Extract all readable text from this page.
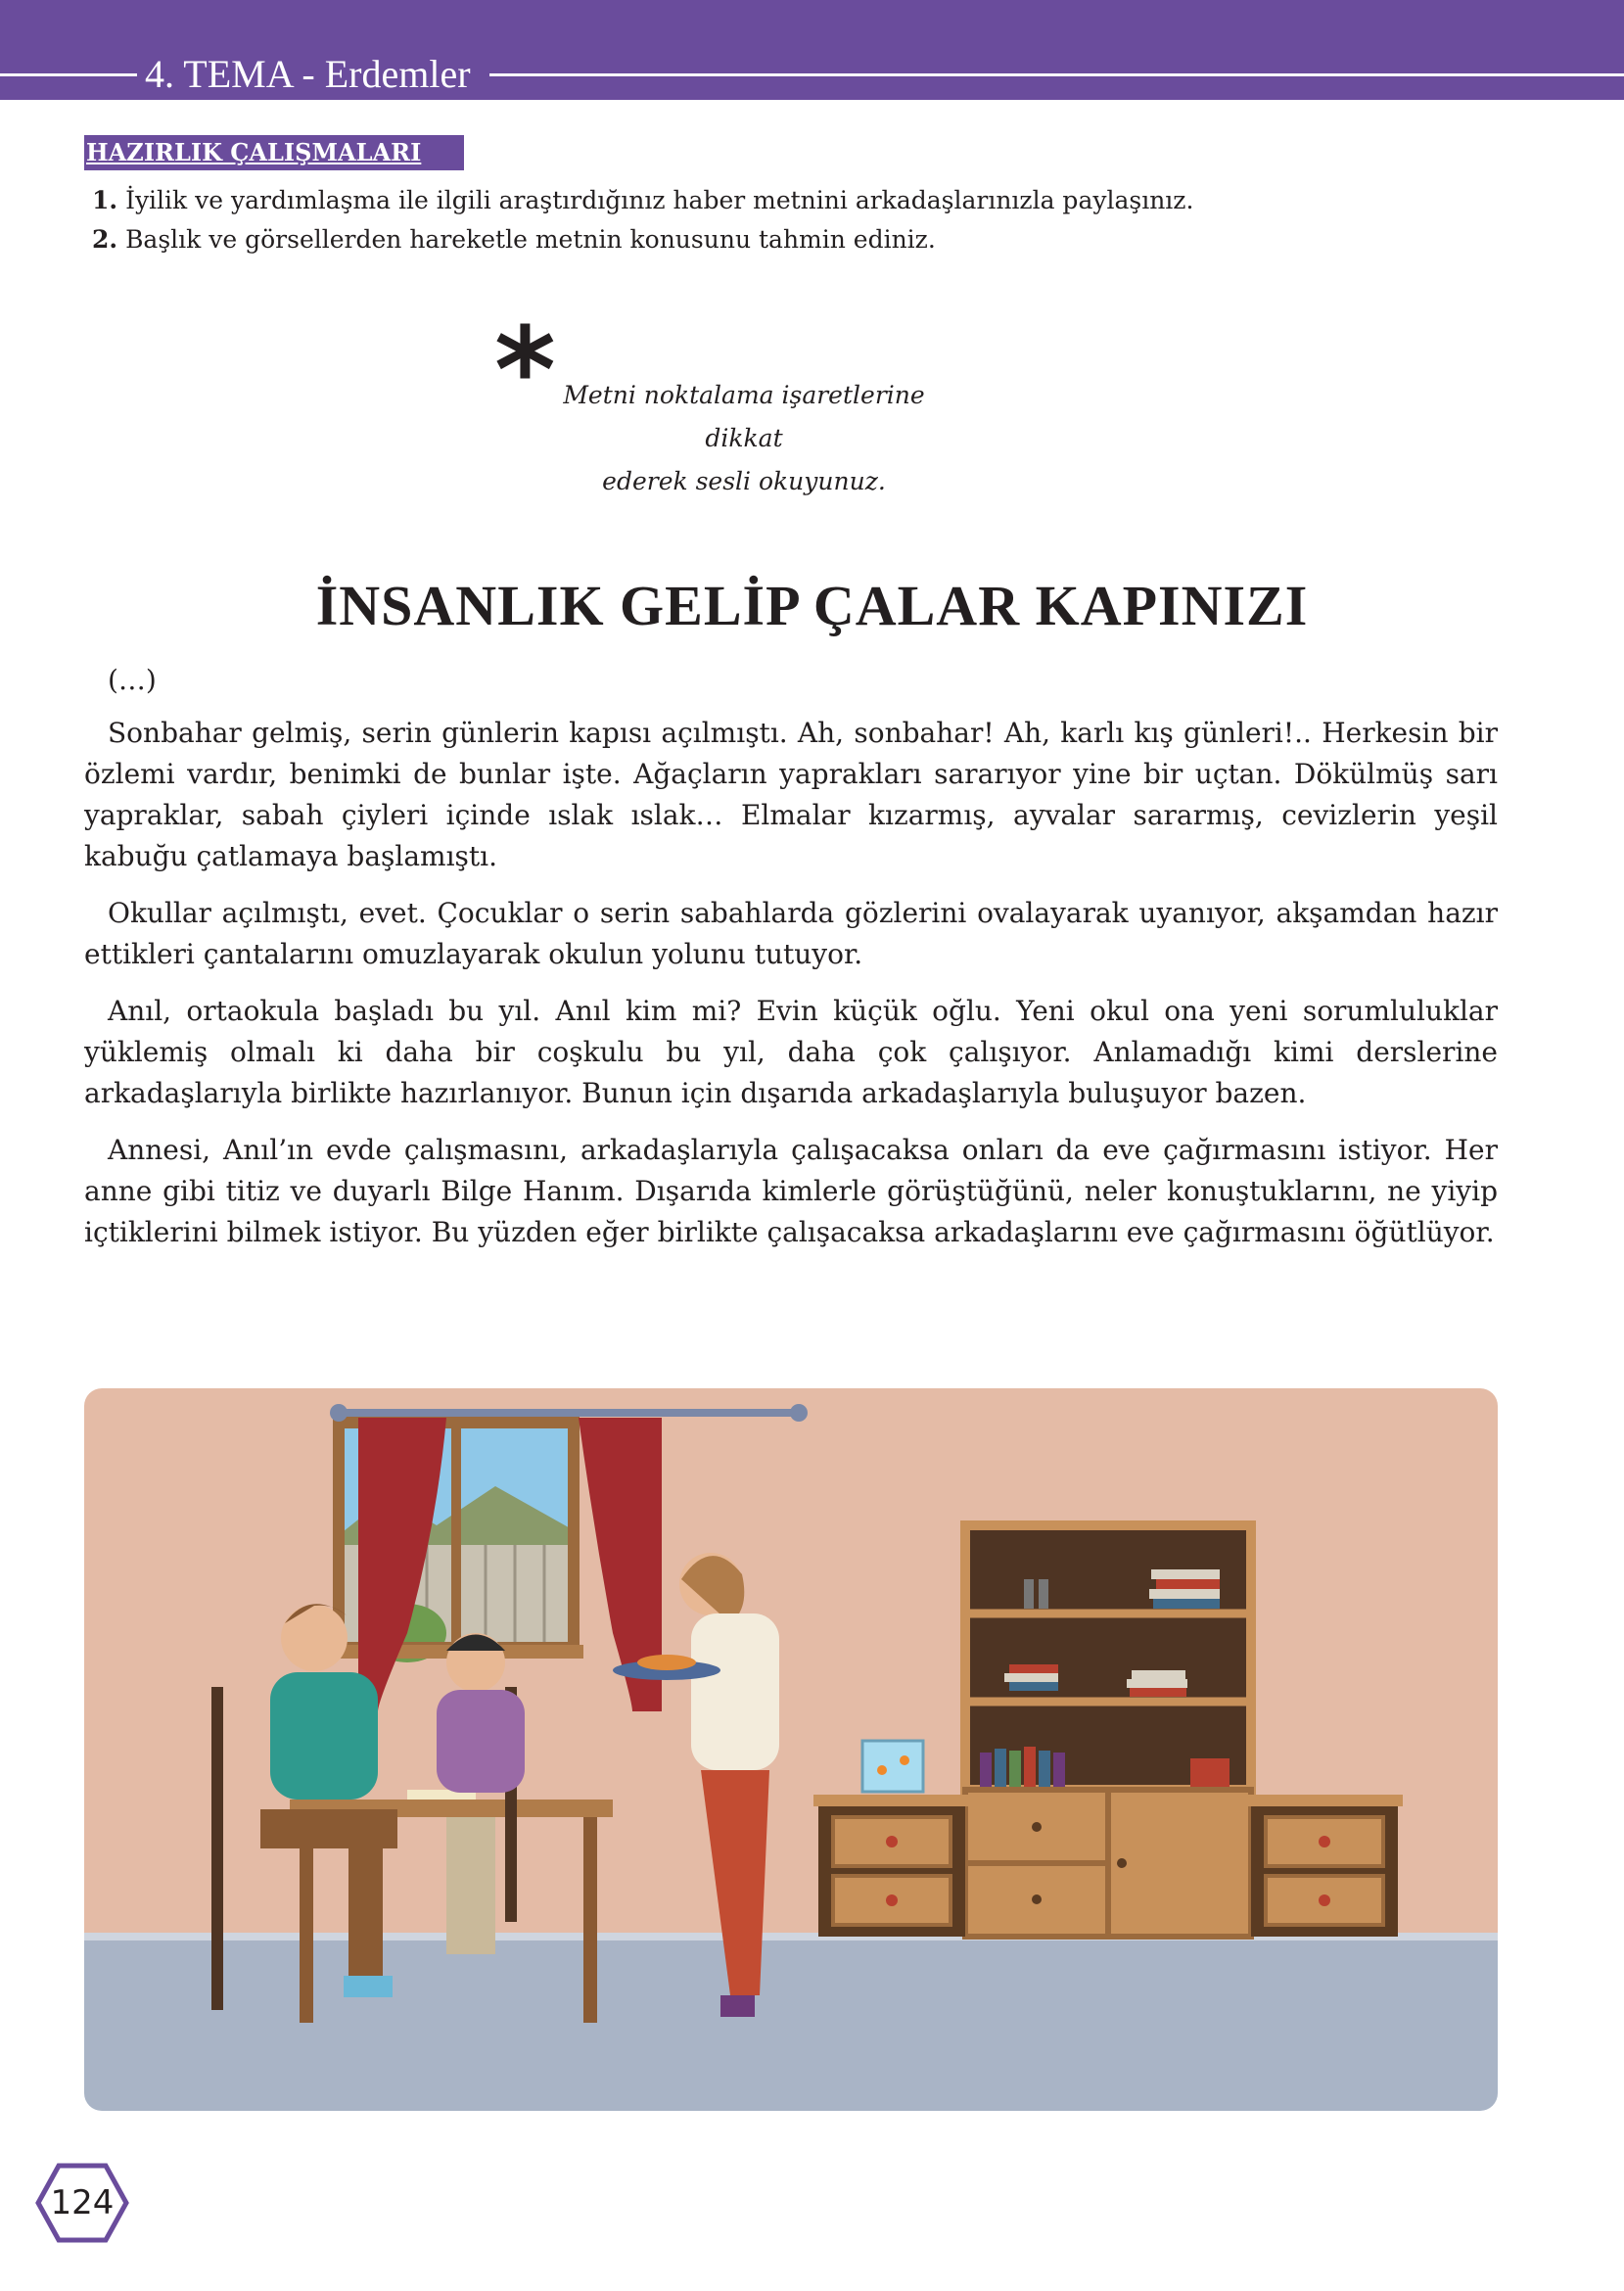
4. TEMA - Erdemler
HAZIRLIK ÇALIŞMALARI
1. İyilik ve yardımlaşma ile ilgili araştırdığınız haber metnini arkadaşlarınızla paylaşınız.
2. Başlık ve görsellerden hareketle metnin konusunu tahmin ediniz.
* Metni noktalama işaretlerine dikkat
ederek sesli okuyunuz.
İNSANLIK GELİP ÇALAR KAPINIZI
(…)

Sonbahar gelmiş, serin günlerin kapısı açılmıştı. Ah, sonbahar! Ah, karlı kış günleri!.. Herkesin bir özlemi vardır, benimki de bunlar işte. Ağaçların yaprakları sararıyor yine bir uçtan. Dökülmüş sarı yapraklar, sabah çiyleri içinde ıslak ıslak… Elmalar kızarmış, ayvalar sararmış, cevizlerin yeşil kabuğu çatlamaya başlamıştı.

Okullar açılmıştı, evet. Çocuklar o serin sabahlarda gözlerini ovalayarak uyanıyor, akşamdan hazır ettikleri çantalarını omuzlayarak okulun yolunu tutuyor.

Anıl, ortaokula başladı bu yıl. Anıl kim mi? Evin küçük oğlu. Yeni okul ona yeni sorumluluklar yüklemiş olmalı ki daha bir coşkulu bu yıl, daha çok çalışıyor. Anlamadığı kimi derslerine arkadaşlarıyla birlikte hazırlanıyor. Bunun için dışarıda arkadaşlarıyla buluşuyor bazen.

Annesi, Anıl’ın evde çalışmasını, arkadaşlarıyla çalışacaksa onları da eve çağırmasını istiyor. Her anne gibi titiz ve duyarlı Bilge Hanım. Dışarıda kimlerle görüştüğünü, neler konuştuklarını, ne yiyip içtiklerini bilmek istiyor. Bu yüzden eğer birlikte çalışacaksa arkadaşlarını eve çağırmasını öğütlüyor.

124
